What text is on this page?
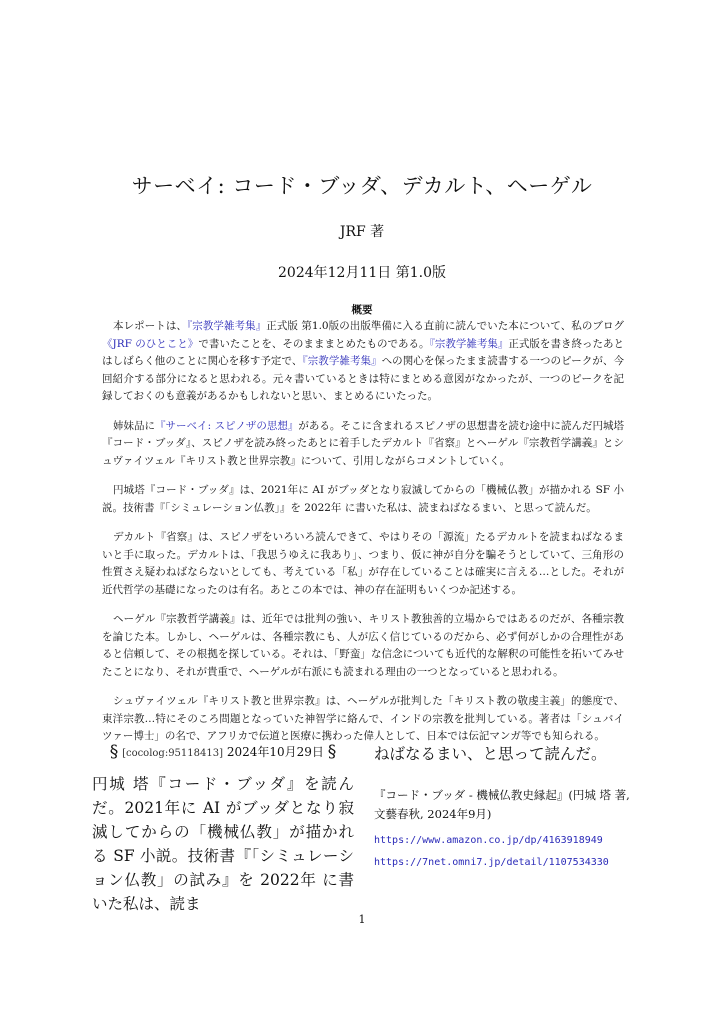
サーベイ: コード・ブッダ、デカルト、ヘーゲル
JRF 著
2024年12月11日 第1.0版
概要

本レポートは、『宗教学雑考集』正式版 第1.0版の出版準備に入る直前に読んでいた本について、私のブログ《JRF のひとこと》で書いたことを、そのまままとめたものである。『宗教学雑考集』正式版を書き終ったあとはしばらく他のことに関心を移す予定で、『宗教学雑考集』への関心を保ったまま読書する一つのピークが、今回紹介する部分になると思われる。元々書いているときは特にまとめる意図がなかったが、一つのピークを記録しておくのも意義があるかもしれないと思い、まとめるにいたった。

姉妹品に『サーベイ: スピノザの思想』がある。そこに含まれるスピノザの思想書を読む途中に読んだ円城塔『コード・ブッダ』、スピノザを読み終ったあとに着手したデカルト『省察』とヘーゲル『宗教哲学講義』とシュヴァイツェル『キリスト教と世界宗教』について、引用しながらコメントしていく。

円城塔『コード・ブッダ』は、2021年に AI がブッダとなり寂滅してからの「機械仏教」が描かれる SF 小説。技術書『「シミュレーション仏教」』を 2022年 に書いた私は、読まねばなるまい、と思って読んだ。

デカルト『省察』は、スピノザをいろいろ読んできて、やはりその「源流」たるデカルトを読まねばなるまいと手に取った。デカルトは、「我思うゆえに我あり」、つまり、仮に神が自分を騙そうとしていて、三角形の性質さえ疑わねばならないとしても、考えている「私」が存在していることは確実に言える…とした。それが近代哲学の基礎になったのは有名。あとこの本では、神の存在証明もいくつか記述する。

ヘーゲル『宗教哲学講義』は、近年では批判の強い、キリスト教独善的立場からではあるのだが、各種宗教を論じた本。しかし、ヘーゲルは、各種宗教にも、人が広く信じているのだから、必ず何がしかの合理性があると信頼して、その根拠を探している。それは、「野蛮」な信念についても近代的な解釈の可能性を拓いてみせたことになり、それが貴重で、ヘーゲルが右派にも読まれる理由の一つとなっていると思われる。

シュヴァイツェル『キリスト教と世界宗教』は、ヘーゲルが批判した「キリスト教の敬虔主義」的態度で、東洋宗教…特にそのころ問題となっていた神智学に絡んで、インドの宗教を批判している。著者は「シュバイツァー博士」の名で、アフリカで伝道と医療に携わった偉人として、日本では伝記マンガ等でも知られる。

§ [cocolog:95118413] 2024年10月29日 §

円城 塔『コード・ブッダ』を読んだ。2021年に AI がブッダとなり寂滅してからの「機械仏教」が描かれる SF 小説。技術書『「シミュレーション仏教」の試み』を 2022年 に書いた私は、読ま

ねばなるまい、と思って読んだ。

『コード・ブッダ - 機械仏教史縁起』(円城 塔 著, 文藝春秋, 2024年9月)

https://www.amazon.co.jp/dp/4163918949
https://7net.omni7.jp/detail/1107534330
1
